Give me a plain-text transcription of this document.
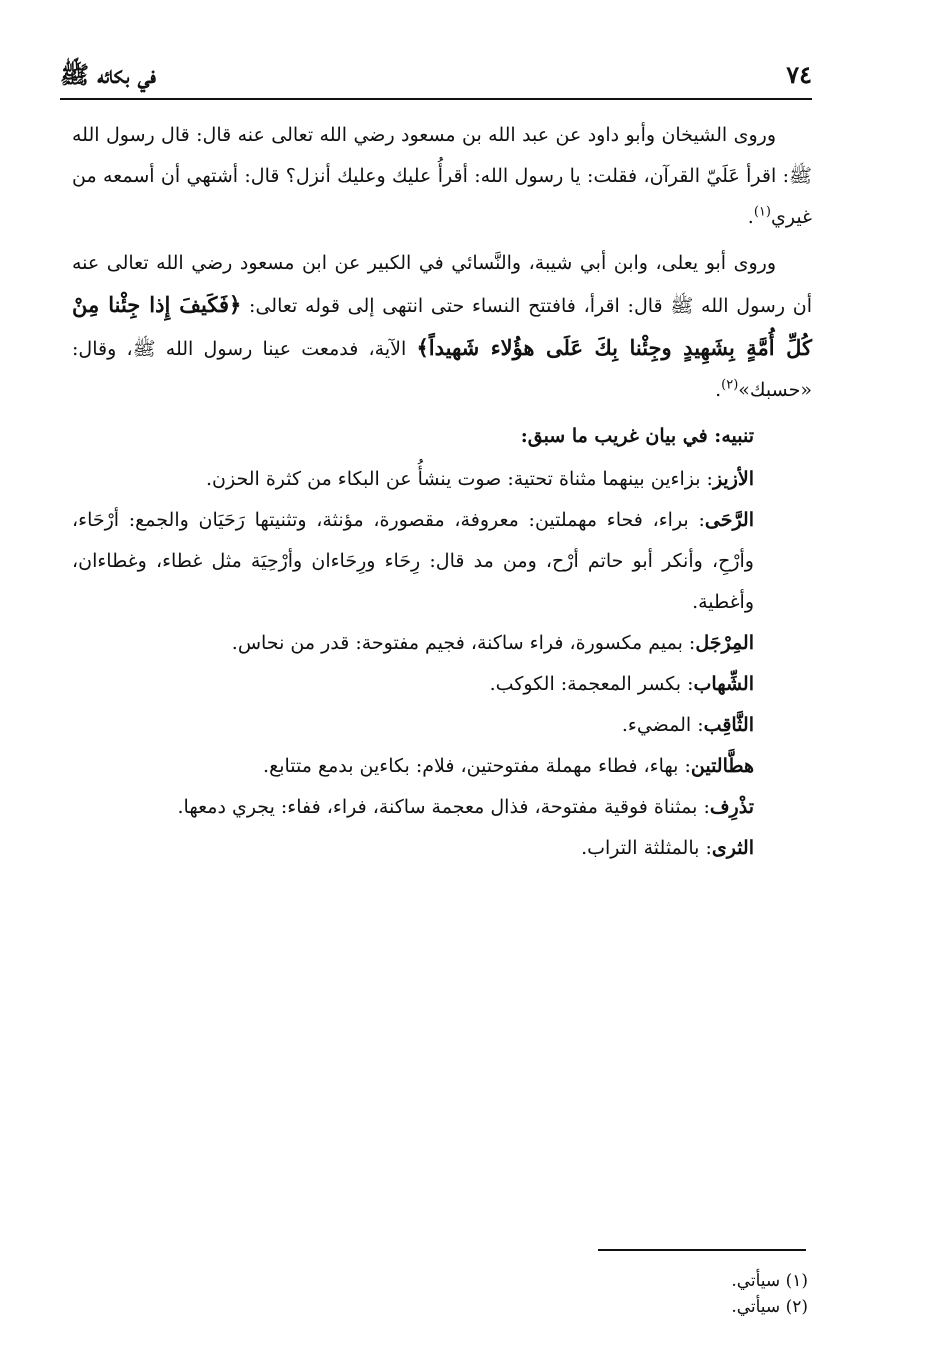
٧٤
في بكائه ﷺ

وروى الشيخان وأبو داود عن عبد الله بن مسعود رضي الله تعالى عنه قال: قال رسول الله ﷺ: اقرأ عَلَيّ القرآن، فقلت: يا رسول الله: أقرأُ عليك وعليك أنزل؟ قال: أشتهي أن أسمعه من غيري$^{(١)}$.

وروى أبو يعلى، وابن أبي شيبة، والنَّسائي في الكبير عن ابن مسعود رضي الله تعالى عنه أن رسول الله ﷺ قال: اقرأ، فافتتح النساء حتى انتهى إلى قوله تعالى: ﴿فَكَيفَ إِذا جِئْنا مِنْ كُلِّ أُمَّةٍ بِشَهِيدٍ وجِئْنا بِكَ عَلَى هؤُلاء شَهيداً﴾ الآية، فدمعت عينا رسول الله ﷺ، وقال: «حسبك»$^{(٢)}$.

تنبيه: في بيان غريب ما سبق:
الأزيز: بزاءين بينهما مثناة تحتية: صوت ينشأُ عن البكاء من كثرة الحزن.
الرَّحَى: براء، فحاء مهملتين: معروفة، مقصورة، مؤنثة، وتثنيتها رَحَيَان والجمع: أرْحَاء، وأرْحِ، وأنكر أبو حاتم أرْح، ومن مد قال: رِحَاء ورِحَاءان وأرْحِيَة مثل غطاء، وغطاءان، وأغطية.
المِرْجَل: بميم مكسورة، فراء ساكنة، فجيم مفتوحة: قدر من نحاس.
الشِّهاب: بكسر المعجمة: الكوكب.
الثَّاقِب: المضيء.
هطَّالتين: بهاء، فطاء مهملة مفتوحتين، فلام: بكاءين بدمع متتابع.
تذْرِف: بمثناة فوقية مفتوحة، فذال معجمة ساكنة، فراء، ففاء: يجري دمعها.
الثرى: بالمثلثة التراب.

(١) سيأتي.

(٢) سيأتي.
